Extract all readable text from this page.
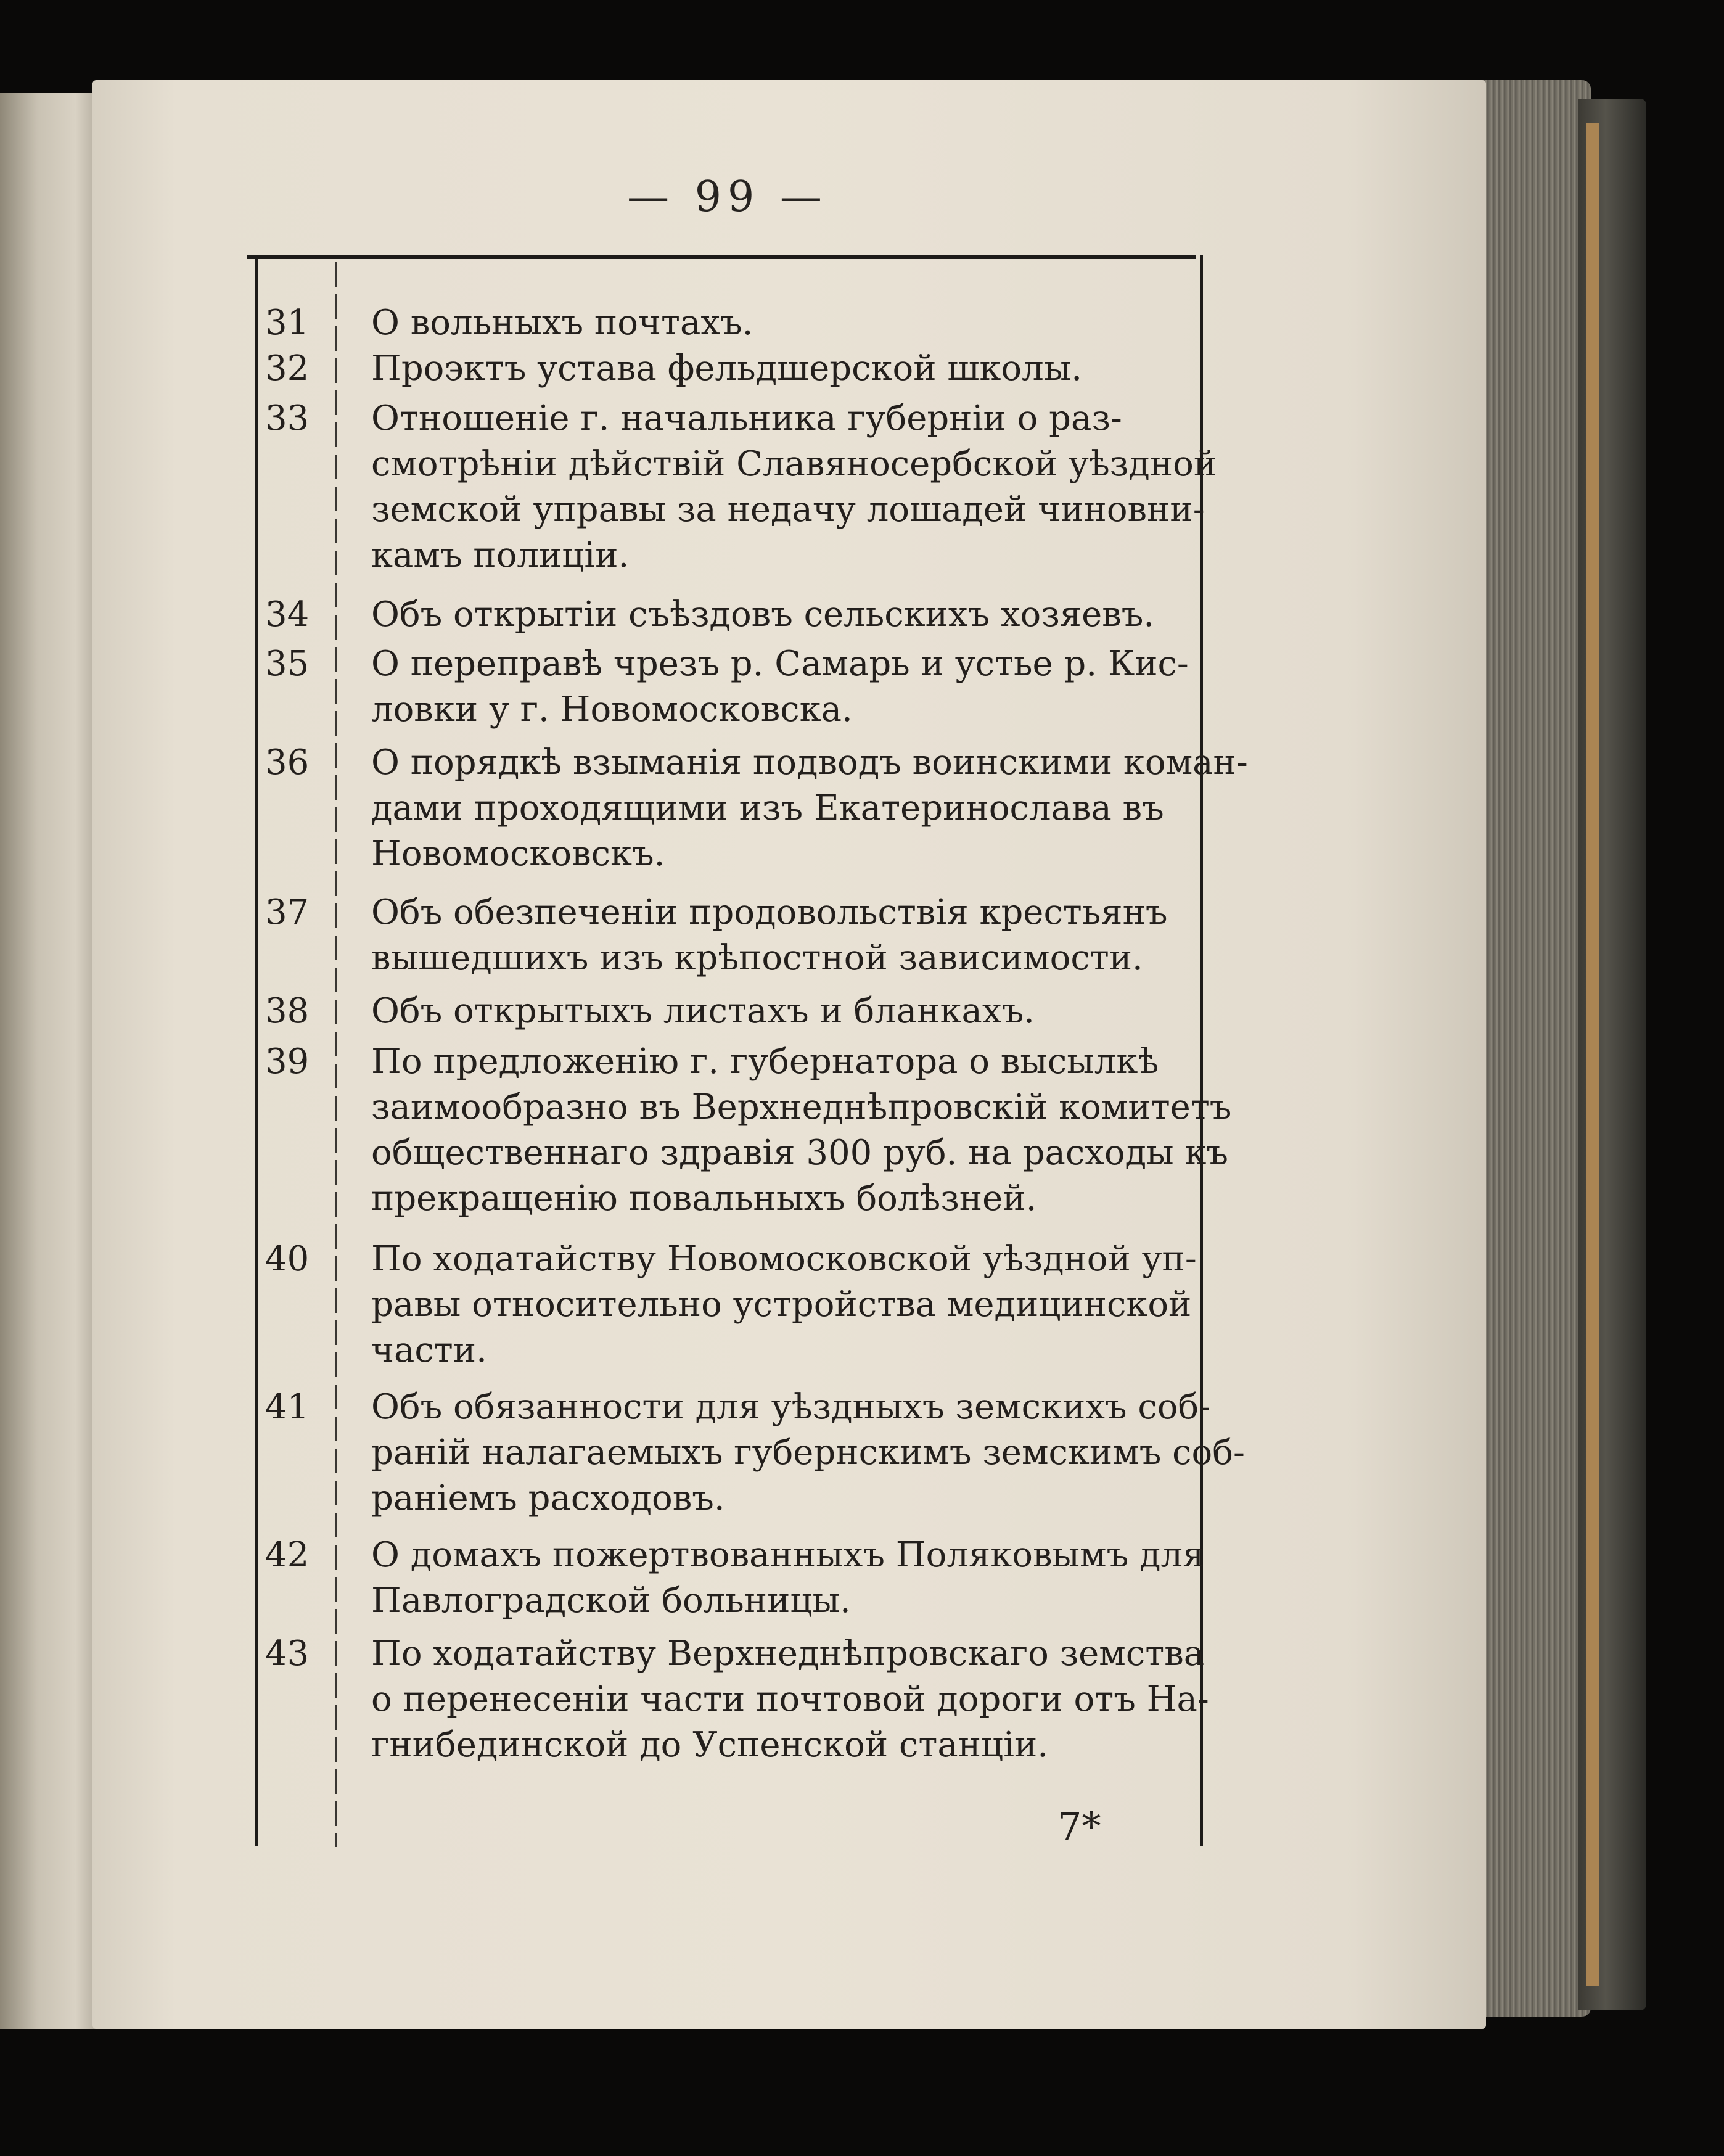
— 99 —
31	О вольныхъ почтахъ.
32	Проэктъ устава фельдшерской школы.
33	Отношеніе г. начальника губерніи о раз-
смотрѣніи дѣйствій Славяносербской уѣздной
земской управы за недачу лошадей чиновни-
камъ полиціи.
34	Объ открытіи съѣздовъ сельскихъ хозяевъ.
35	О переправѣ чрезъ р. Самарь и устье р. Кис-
ловки у г. Новомосковска.
36	О порядкѣ взыманія подводъ воинскими коман-
дами проходящими изъ Екатеринослава въ
Новомосковскъ.
37	Объ обезпеченіи продовольствія крестьянъ
вышедшихъ изъ крѣпостной зависимости.
38	Объ открытыхъ листахъ и бланкахъ.
39	По предложенію г. губернатора о высылкѣ
заимообразно въ Верхнеднѣпровскій комитетъ
общественнаго здравія 300 руб. на расходы къ
прекращенію повальныхъ болѣзней.
40	По ходатайству Новомосковской уѣздной уп-
равы относительно устройства медицинской
части.
41	Объ обязанности для уѣздныхъ земскихъ соб-
раній налагаемыхъ губернскимъ земскимъ соб-
раніемъ расходовъ.
42	О домахъ пожертвованныхъ Поляковымъ для
Павлоградской больницы.
43	По ходатайству Верхнеднѣпровскаго земства
о перенесеніи части почтовой дороги отъ На-
гнибединской до Успенской станціи.
7*
